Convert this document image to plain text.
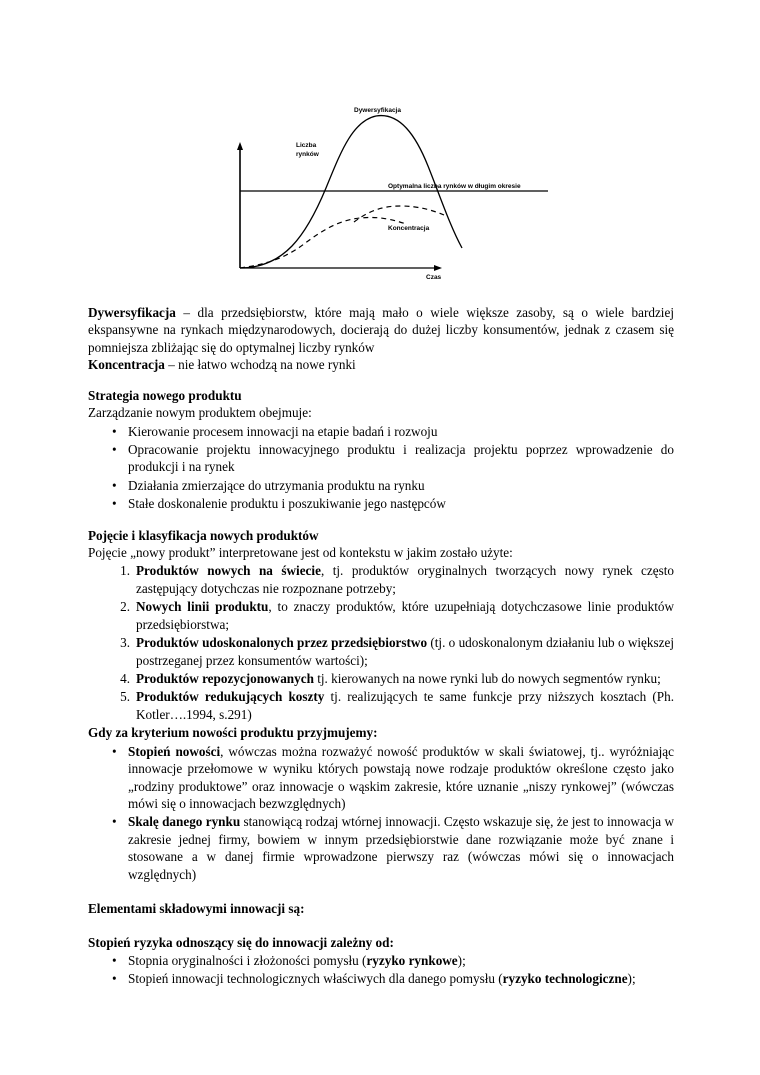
Liczba
rynków
Dywersyfikacja
Optymalna liczba rynków w długim okresie
Koncentracja
Czas
Dywersyfikacja – dla przedsiębiorstw, które mają mało o wiele większe zasoby, są o wiele bardziej ekspansywne na rynkach międzynarodowych, docierają do dużej liczby konsumentów, jednak z czasem się pomniejsza zbliżając się do optymalnej liczby rynków
Koncentracja – nie łatwo wchodzą na nowe rynki
Strategia nowego produktu
Zarządzanie nowym produktem obejmuje:
• Kierowanie procesem innowacji na etapie badań i rozwoju
• Opracowanie projektu innowacyjnego produktu i realizacja projektu poprzez wprowadzenie do produkcji i na rynek
• Działania zmierzające do utrzymania produktu na rynku
• Stałe doskonalenie produktu i poszukiwanie jego następców
Pojęcie i klasyfikacja nowych produktów
Pojęcie „nowy produkt” interpretowane jest od kontekstu w jakim zostało użyte:
1. Produktów nowych na świecie, tj. produktów oryginalnych tworzących nowy rynek często zastępujący dotychczas nie rozpoznane potrzeby;
2. Nowych linii produktu, to znaczy produktów, które uzupełniają dotychczasowe linie produktów przedsiębiorstwa;
3. Produktów udoskonalonych przez przedsiębiorstwo (tj. o udoskonalonym działaniu lub o większej postrzeganej przez konsumentów wartości);
4. Produktów repozycjonowanych tj. kierowanych na nowe rynki lub do nowych segmentów rynku;
5. Produktów redukujących koszty tj. realizujących te same funkcje przy niższych kosztach (Ph. Kotler….1994, s.291)
Gdy za kryterium nowości produktu przyjmujemy:
• Stopień nowości, wówczas można rozważyć nowość produktów w skali światowej, tj.. wyróżniając innowacje przełomowe w wyniku których powstają nowe rodzaje produktów określone często jako „rodziny produktowe” oraz innowacje o wąskim zakresie, które uznanie „niszy rynkowej” (wówczas mówi się o innowacjach bezwzględnych)
• Skalę danego rynku stanowiącą rodzaj wtórnej innowacji. Często wskazuje się, że jest to innowacja w zakresie jednej firmy, bowiem w innym przedsiębiorstwie dane rozwiązanie może być znane i stosowane a w danej firmie wprowadzone pierwszy raz (wówczas mówi się o innowacjach względnych)
Elementami składowymi innowacji są:
Stopień ryzyka odnoszący się do innowacji zależny od:
• Stopnia oryginalności i złożoności pomysłu (ryzyko rynkowe);
• Stopień innowacji technologicznych właściwych dla danego pomysłu (ryzyko technologiczne);
